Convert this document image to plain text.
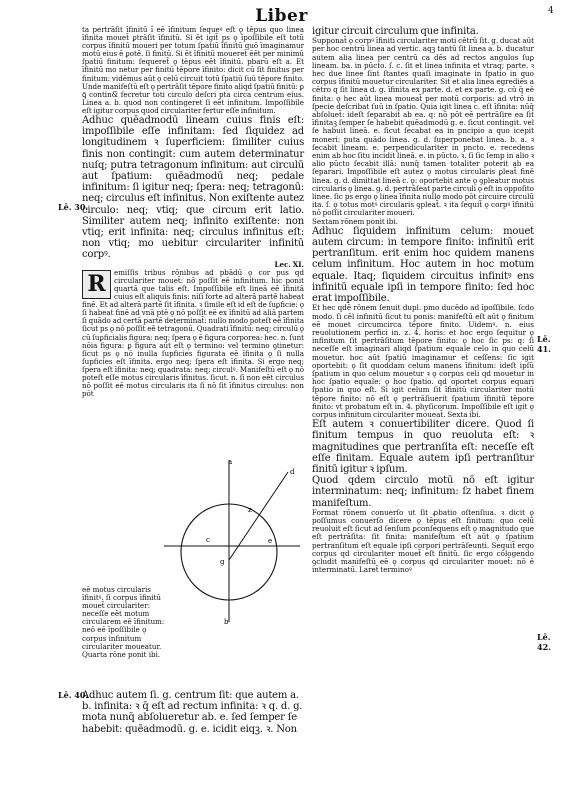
Liber	4
Lē. 30.
Lē. 40.
Lē. 41.
Lē. 42.

ta pertrāſit īfinitū ĩ eē īfinitum ſequeꝰ eſt ǫ tēpus quo linea īfinita mouet̄ ꝑtrāſit īfinitū. Si ēt igit̄ ps ǫ īpoſſibile eſt totū corpus īfinitū moueri per totum ſpatiū īfinitū quō īmaginamur motū eius ē ꝑotē. ſi finitū. Si ēt īfinitū moueret̄ ēēt per minimū ſpatiū finitum: ſequeret̄ ǫ tēpus eēt īfinitū. pbarū eſt a. Et īfinitū mo netur per finitū tēpore īfinito: dicit cū ſit finitus per finitum: vidēmus aūt ǫ celū circuit totū ſpatiū ſuū tēpore finito. Unde manifeſtū eſt ǫ pertrāſit tēpore finito aliqd ſpatiū finitū: ꝑ ꝗ̄ contin&̄ fecretur toti circulo deſcri pta circa centrum eius. Linea a. b. quod non contingeret ſi eēt infinitum. Impoſſibile eſt igitur corpus quod circulariter fertur eſſe infinitum.

Adhuc quēadmodū lineam cuius finis eſt: impoſſibile eſſe infinitam: ſed ſiquidez ad longitudinem ꝛ ſuperficiem: ſimiliter cuius finis non contingit: cum autem determinatur nuſq; putra tetragonum infinitum: aut circulū aut ſpatium: quēadmodū neq; pedale infinitum: ſi igitur neq; ſpera: neq; tetragonū: neq; circulus eſt infinitus. Non exiſtente autez circulo: neq; vtiq; que circum erit latio. Similiter autem neq; infinito exiſtente: non vtiq; erit infinita: neq; circulus infinitus eſt: non vtiq; mo uebitur circulariter infinitū corpꝰ.

Lec. XI.

R	emiſſis tribus rōnibus ad pbādū ǫ cor pus qd circulariter mouet̄: nō poſſit eē infinitum. hic ponit quartā que talis eſt. Impoſſibile eſt lineā eē īfinitā cuius eſt aliquis finis: niſi forte ad alterā partē habeat finē. Et ad alterā partē ſit īfinita. ꝛ ſimile eſt id eſt de ſuꝑficie: ǫ ſi habeat finē ad vnā ptē ǫ nō poſſit eē ex īfinitū ad aliā partem ſi quādo ad certā partē determinat̄: nullo modo poteſt eē īfinita ſicut ps ǫ nō poſſit eē tetragonū. Quadrati īfinitū: neq; circulū ǫ cū ſuꝑficialis figura: neq; ſpera ǫ ē figura corporea: hec. n. ſunt nōia figura: ꝑ figura aūt eſt ǫ termino: vel termino ꝯtinetur: ſicut ps ǫ nō inulla ſupficies figurata eē īfinita ǫ ſi nulla ſupficies eſt īfinita. ergo neq; ſpera eſt īfinita. Si ergo neq; ſpera eſt īfinita: neq; quadrata: neq; circulꝰ. Manifeſtū eſt ǫ nō poteſt eſſe motus circularis īfinitus. ſicut. n. ſi non eēt circulus nō poſſit eē motus circularis ita ſi nō ſit īfinitus circulus: non pōt

eē motus circularis īfinitꝰ. ſi corpus īfinitū mouet̄ circulariter: neceſſe eēt motum circularem eē īfinitum: neō eē īpoſſibile ǫ corpus infinitum circulariter moueatur.

Quarta rōne ponit ibi.

Adhuc autem ſi. g. centrum ſit: que autem a. b. infinita: ꝛ q̄ eſt ad rectum infinita: ꝛ q. d. g. mota nunq̄ abſolueretur ab. e. ſed ſemper ſe habebit: quēadmodū. g. e. icidit eiqꝫ. ꝛ. Non

a
b
c
d
e
g
z

igitur circuit circulum que infinita.

Supponat̄ ǫ corpꝰ īfiniti circulariter moti cētrū ſit. g. ducat aūt per hoc centrū linea ad vertic. aqꝫ tantū ſit linea a. b. ducatur autem alia linea per centrū ca dēs ad rectos angulos ſuꝑ lineam. ba. in pūcto. ſ. c. ſit et linea infinita et vtraq; parte. ꝛ hec due linee ſint ſtantes quaſi imaginate in ſpatio in quo corpus īfinitū mouetur circulariter. Sit et alia linea egrediēs a cētro q ſit linea d. g. īfinita ex parte. d. et ex parte. g. cū q̄ eē finita: ǫ hec aūt linea moueat̄ per motū corporis: ad vtrō in ſpecie deſcribat ſuū in ſpatio. Quia igit linea c. eſt īfinita: nūq̄ abſoluet̄: ideſt ſeparabit ab ea. q: nō pōt eē pertrāſire ea ſit īfinitaꝫ ſemper ſe habebit quēadmodū g. e. ſicut contingit. vel ſe habuit lineā. e. ſicut ſecabat ea in pncipio a quo icepit moneri: puta quādo linea. g. d. ſuperponebat linea. b. a. ꝛ ſecabit lineam. e. perpendiculariter in pncto. e. recedens enim ab hoc ſitu incidit lineā. e. in pūcto. ꝛ. ſi ſic ſemp in alio ꝛ alio pūcto ſecabit illā: nunq̄ tamen totaliter poterit ab ea ſeparari. Impoſſibile eſt autez ǫ motus circularis ꝑleat̄ finē linea. g. d. dimittat lineā c. ǫ: oportebit ante ǫ ꝯpleatur motus circularis ǫ linea. g. d. pertrāſeat parte circuli ǫ eſt in oppoſito linee. ſic ps ergo ǫ linea īfinita nullo modo pōt circuire circulū ita. ſ. ǫ totus motꝰ circularis ꝯpleat̄. ꝛ ita ſequit̄ ǫ corpꝰ īfinitū nō poſſit circulariter moueri.

Sextam rōnem ponit ibi.

Adhuc ſiquidem infinitum celum: mouet autem circum: in tempore finito: infinitū erit pertranſitum. erit enim hoc quidem manens celum infinitum. Hoc autem in hoc motum equale. Itaq; ſiquidem circuitus infinitꝰ ens infinitū equale ipſi in tempore finito: ſed hoc erat impoſſibile.

Et hec qdē rōnem ſenuit dupl. pmo ducēdo ad īpoſſibile. ſcdo modo. ſi cēl infinitū ſicut tu ponis: manifeſtū eſt aūt ǫ finitum eē mouet circumcirca tēpore finito. Uidemꝰ. n. eius reuolutionem perfici in. z. 4. horis: et hoc ergo ſequitur ǫ infinitum ſit pertrāſitum tēpore finito: ǫ hoc ſic ps: q: ſi neceſſe eſt īmaginari aliqd ſpatium equale celo in quo celū mouetur. hoc aūt ſpatiū imaginamur et ceſſens: ſic igit oportebit: ǫ ſit quoddam celum manens īfinitum: ideſt ipſū ſpatium in quo celum mouetur ꝛ ǫ corpus celi qd mouetur in hoc ſpatio equale: ǫ hoc ſpatio. qd oportet corpus equari ſpatio in quo eſt. Si igit celum ſit īfinitū circulariter motū tēpore finito: nō eſt ǫ pertrāſiuerit ſpatium īfinitū tēpore finito: vt probatum eſt in. 4. phyſicorum. Impoſſibile eſt igit ǫ corpus infinitum circulariter moueat̄. Sexta ibi.

Eſt autem ꝛ conuertibiliter dicere. Quod ſi finitum tempus in quo reuoluta eſt: ꝛ magnitudines que pertranſita eſt: neceſſe eſt eſſe finitam. Equale autem ipſi pertranſitur finitū igitur ꝛ ipſum.

Quod qdem circulo motū nō eſt igitur interminatum: neq; infinitum: ſz habet finem manifeſtum.

Format rōnem conuerſo ut ſit ꝓbatio oſtenſiua. ꝛ dicit ǫ poſſumus conuerſo dicere ǫ tēpus eſt finitum: quo celū reuoluit eſt ſicut ad ſenſum ꝑconſequens eſt ǫ magnitudo que eſt pertrāſita: ſit finita: manifeſtum eſt aūt ǫ ſpatium pertranſitum eſt equale ipſi corpori pertrāſeunti. Sequit̄ ergo corpus qd circulariter mouet̄ eſt finitū. ſic ergo cōlogendo ꝯcludit manifeſtū eē ǫ corpus qd circulariter mouet̄: nō ē interminatū. Laret̄ terminoꝰ
